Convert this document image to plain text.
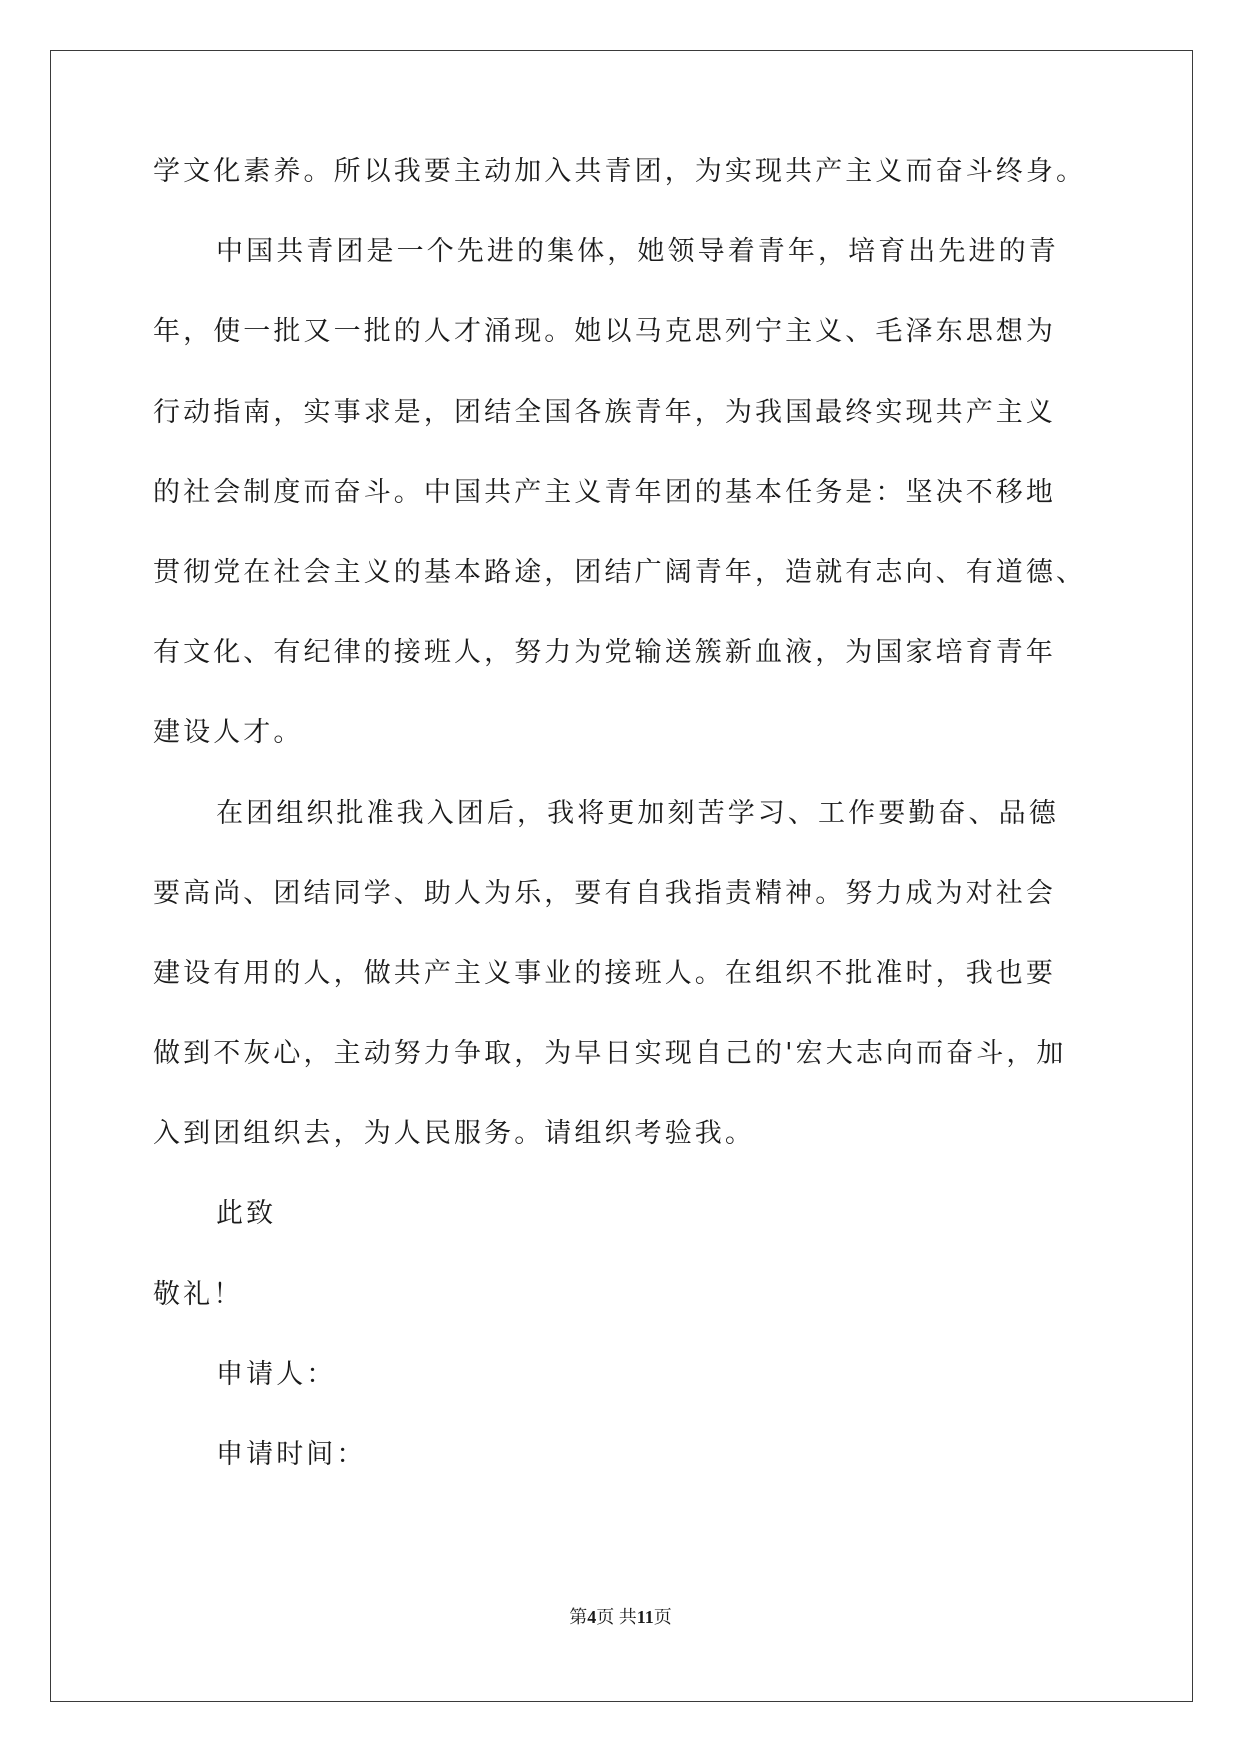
学文化素养。所以我要主动加入共青团，为实现共产主义而奋斗终身。
中国共青团是一个先进的集体，她领导着青年，培育出先进的青
年，使一批又一批的人才涌现。她以马克思列宁主义、毛泽东思想为
行动指南，实事求是，团结全国各族青年，为我国最终实现共产主义
的社会制度而奋斗。中国共产主义青年团的基本任务是：坚决不移地
贯彻党在社会主义的基本路途，团结广阔青年，造就有志向、有道德、
有文化、有纪律的接班人，努力为党输送簇新血液，为国家培育青年
建设人才。
在团组织批准我入团后，我将更加刻苦学习、工作要勤奋、品德
要高尚、团结同学、助人为乐，要有自我指责精神。努力成为对社会
建设有用的人，做共产主义事业的接班人。在组织不批准时，我也要
做到不灰心，主动努力争取，为早日实现自己的'宏大志向而奋斗，加
入到团组织去，为人民服务。请组织考验我。
此致
敬礼！
申请人：
申请时间：
第4页 共11页
